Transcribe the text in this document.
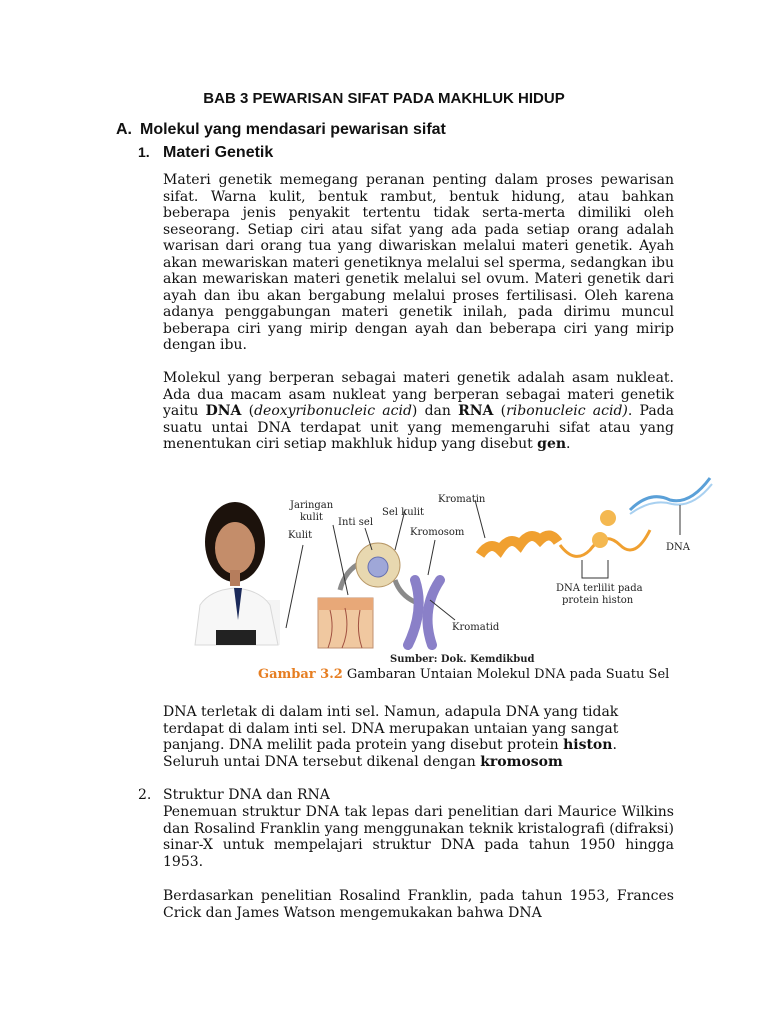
BAB 3 PEWARISAN SIFAT PADA MAKHLUK HIDUP
A. Molekul yang mendasari pewarisan sifat
1. Materi Genetik
Materi genetik memegang peranan penting dalam proses pewarisan sifat. Warna kulit, bentuk rambut, bentuk hidung, atau bahkan beberapa jenis penyakit tertentu tidak serta-merta dimiliki oleh seseorang. Setiap ciri atau sifat yang ada pada setiap orang adalah warisan dari orang tua yang diwariskan melalui materi genetik. Ayah akan mewariskan materi genetiknya melalui sel sperma, sedangkan ibu akan mewariskan materi genetik melalui sel ovum. Materi genetik dari ayah dan ibu akan bergabung melalui proses fertilisasi. Oleh karena adanya penggabungan materi genetik inilah, pada dirimu muncul beberapa ciri yang mirip dengan ayah dan beberapa ciri yang mirip dengan ibu.
Molekul yang berperan sebagai materi genetik adalah asam nukleat. Ada dua macam asam nukleat yang berperan sebagai materi genetik yaitu DNA (deoxyribonucleic acid) dan RNA (ribonucleic acid). Pada suatu untai DNA terdapat unit yang memengaruhi sifat atau yang menentukan ciri setiap makhluk hidup yang disebut gen.
Jaringan
kulit
Kulit
Inti sel
Sel kulit
Kromatin
Kromosom
Kromatid
DNA
DNA terlilit pada
protein histon
Sumber: Dok. Kemdikbud
Gambar 3.2 Gambaran Untaian Molekul DNA pada Suatu Sel
DNA terletak di dalam inti sel. Namun, adapula DNA yang tidak terdapat di dalam inti sel. DNA merupakan untaian yang sangat panjang. DNA melilit pada protein yang disebut protein histon. Seluruh untai DNA tersebut dikenal dengan kromosom
2. Struktur DNA dan RNA
Penemuan struktur DNA tak lepas dari penelitian dari Maurice Wilkins dan Rosalind Franklin yang menggunakan teknik kristalografi (difraksi) sinar-X untuk mempelajari struktur DNA pada tahun 1950 hingga 1953.
Berdasarkan penelitian Rosalind Franklin, pada tahun 1953, Frances Crick dan James Watson mengemukakan bahwa DNA
